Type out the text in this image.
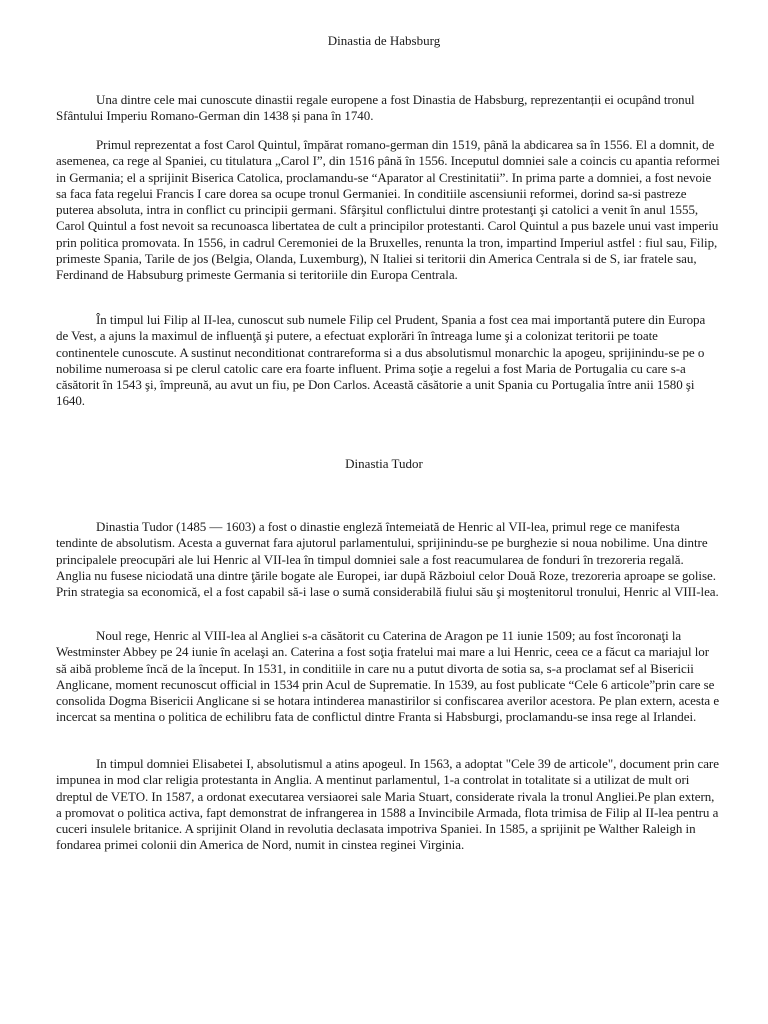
Dinastia de Habsburg

Una dintre cele mai cunoscute dinastii regale europene a fost Dinastia de Habsburg, reprezentanții ei ocupând tronul Sfântului Imperiu Romano-German din 1438 și pana în 1740.

Primul reprezentat a fost Carol Quintul, împărat romano-german din 1519, până la abdicarea sa în 1556. El a domnit, de asemenea, ca rege al Spaniei, cu titulatura „Carol I”, din 1516 până în 1556. Inceputul domniei sale a coincis cu apantia reformei in Germania; el a sprijinit Biserica Catolica, proclamandu-se “Aparator al Crestinitatii”. In prima parte a domniei, a fost nevoie sa faca fata regelui Francis I care dorea sa ocupe tronul Germaniei. In conditiile ascensiunii reformei, dorind sa-si pastreze puterea absoluta, intra in conflict cu principii germani. Sfârşitul conflictului dintre protestanţi şi catolici a venit în anul 1555, Carol Quintul a fost nevoit sa recunoasca libertatea de cult a principilor protestanti. Carol Quintul a pus bazele unui vast imperiu prin politica promovata. In 1556, in cadrul Ceremoniei de la Bruxelles, renunta la tron, impartind Imperiul astfel : fiul sau, Filip, primeste Spania, Tarile de jos (Belgia, Olanda, Luxemburg), N Italiei si teritorii din America Centrala si de S, iar fratele sau, Ferdinand de Habsuburg primeste Germania si teritoriile din Europa Centrala.

În timpul lui Filip al II-lea, cunoscut sub numele Filip cel Prudent, Spania a fost cea mai importantă putere din Europa de Vest, a ajuns la maximul de influenţă şi putere, a efectuat explorări în întreaga lume şi a colonizat teritorii pe toate continentele cunoscute. A sustinut neconditionat contrareforma si a dus absolutismul monarchic la apogeu, sprijinindu-se pe o nobilime numeroasa si pe clerul catolic care era foarte influent. Prima soţie a regelui a fost Maria de Portugalia cu care s-a căsătorit în 1543 şi, împreună, au avut un fiu, pe Don Carlos. Această căsătorie a unit Spania cu Portugalia între anii 1580 şi 1640.

Dinastia Tudor

Dinastia Tudor (1485 — 1603) a fost o dinastie engleză întemeiată de Henric al VII-lea, primul rege ce manifesta tendinte de absolutism. Acesta a guvernat fara ajutorul parlamentului, sprijinindu-se pe burghezie si noua nobilime. Una dintre principalele preocupări ale lui Henric al VII-lea în timpul domniei sale a fost reacumularea de fonduri în trezoreria regală. Anglia nu fusese niciodată una dintre ţările bogate ale Europei, iar după Războiul celor Două Roze, trezoreria aproape se golise. Prin strategia sa economică, el a fost capabil să-i lase o sumă considerabilă fiului său şi moştenitorul tronului, Henric al VIII-lea.

Noul rege, Henric al VIII-lea al Angliei s-a căsătorit cu Caterina de Aragon pe 11 iunie 1509; au fost încoronaţi la Westminster Abbey pe 24 iunie în acelaşi an. Caterina a fost soţia fratelui mai mare a lui Henric, ceea ce a făcut ca mariajul lor să aibă probleme încă de la început. In 1531, in conditiile in care nu a putut divorta de sotia sa, s-a proclamat sef al Bisericii Anglicane, moment recunoscut official in 1534 prin Acul de Suprematie. In 1539, au fost publicate “Cele 6 articole”prin care se consolida Dogma Bisericii Anglicane si se hotara intinderea manastirilor si confiscarea averilor acestora. Pe plan extern, acesta e incercat sa mentina o politica de echilibru fata de conflictul dintre Franta si Habsburgi, proclamandu-se insa rege al Irlandei.

In timpul domniei Elisabetei I, absolutismul a atins apogeul. In 1563, a adoptat "Cele 39 de articole", document prin care impunea in mod clar religia protestanta in Anglia. A mentinut parlamentul, 1-a controlat in totalitate si a utilizat de mult ori dreptul de VETO. In 1587, a ordonat executarea versiaorei sale Maria Stuart, considerate rivala la tronul Angliei.Pe plan extern, a promovat o politica activa, fapt demonstrat de infrangerea in 1588 a Invincibile Armada, flota trimisa de Filip al II-lea pentru a cuceri insulele britanice. A sprijinit Oland in revolutia declasata impotriva Spaniei. In 1585, a sprijinit pe Walther Raleigh in fondarea primei colonii din America de Nord, numit in cinstea reginei Virginia.
